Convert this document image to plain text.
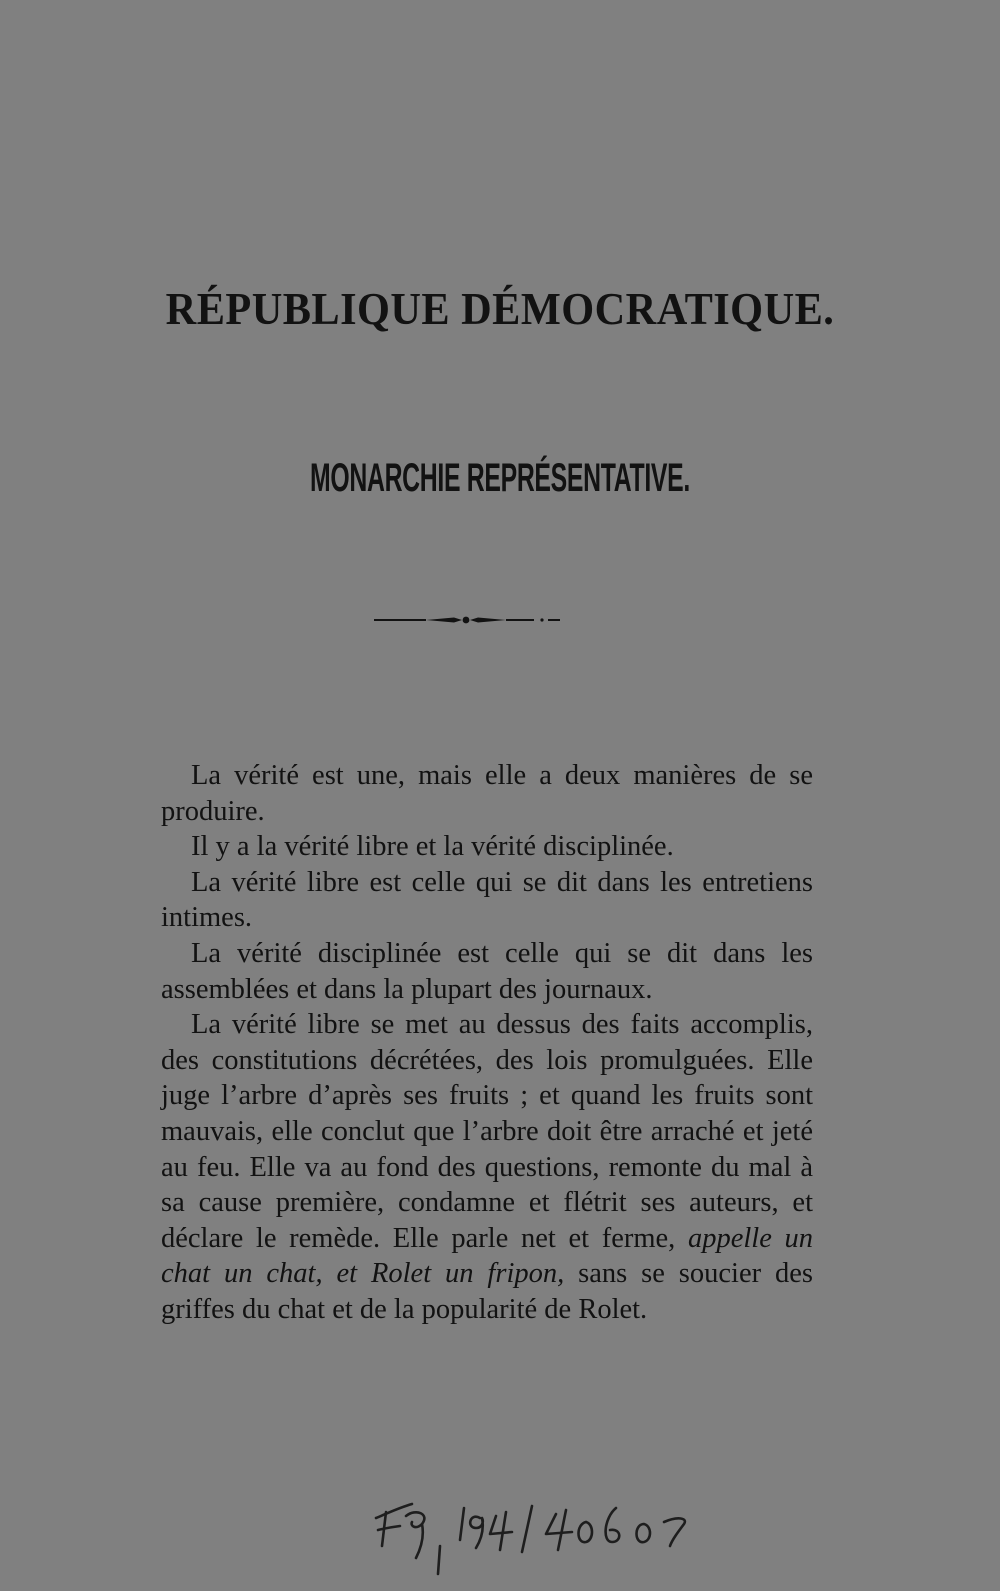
RÉPUBLIQUE DÉMOCRATIQUE.
MONARCHIE REPRÉSENTATIVE.

La vérité est une, mais elle a deux manières de se produire.

Il y a la vérité libre et la vérité disciplinée.

La vérité libre est celle qui se dit dans les entretiens intimes.

La vérité disciplinée est celle qui se dit dans les assemblées et dans la plupart des journaux.

La vérité libre se met au dessus des faits accomplis, des constitutions décrétées, des lois promulguées. Elle juge l’arbre d’après ses fruits ; et quand les fruits sont mauvais, elle conclut que l’arbre doit être arraché et jeté au feu. Elle va au fond des questions, remonte du mal à sa cause première, condamne et flétrit ses auteurs, et déclare le remède. Elle parle net et ferme, appelle un chat un chat, et Rolet un fripon, sans se soucier des griffes du chat et de la popularité de Rolet.
